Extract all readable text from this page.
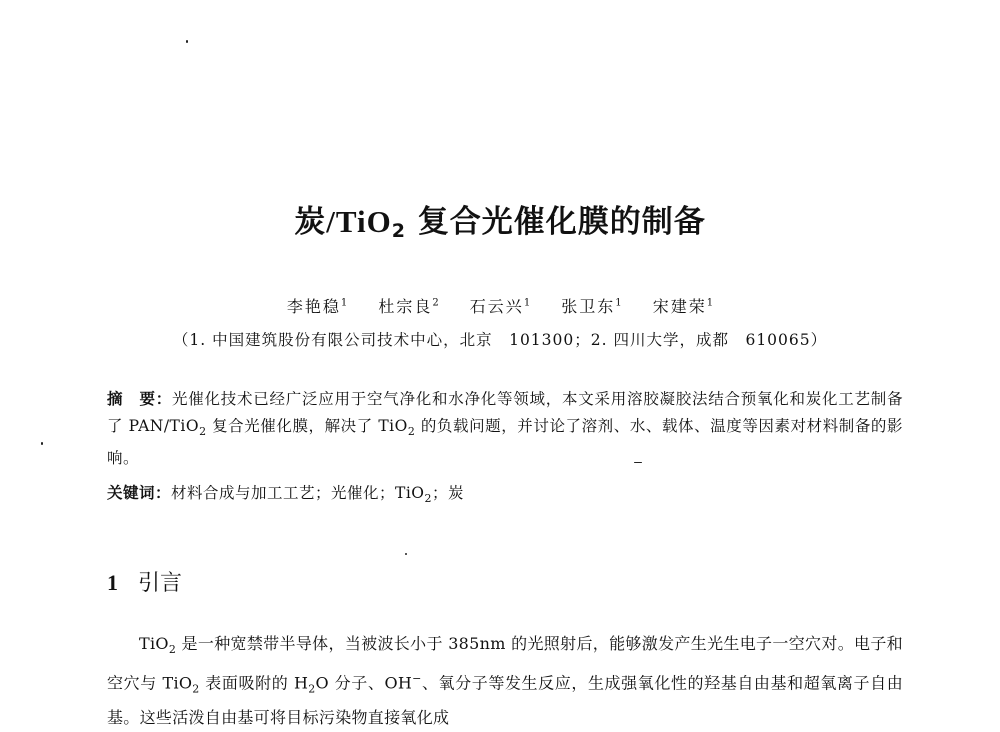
炭/TiO$_2$ 复合光催化膜的制备
李艳稳$^1$ 杜宗良$^2$ 石云兴$^1$ 张卫东$^1$ 宋建荣$^1$
（1. 中国建筑股份有限公司技术中心，北京　101300；2. 四川大学，成都　610065）
摘　要：光催化技术已经广泛应用于空气净化和水净化等领域，本文采用溶胶凝胶法结合预氧化和炭化工艺制备了 PAN/TiO$_2$ 复合光催化膜，解决了 TiO$_2$ 的负载问题，并讨论了溶剂、水、载体、温度等因素对材料制备的影响。
关键词：材料合成与加工工艺；光催化；TiO$_2$；炭
1 引言

TiO$_2$ 是一种宽禁带半导体，当被波长小于 385nm 的光照射后，能够激发产生光生电子一空穴对。电子和空穴与 TiO$_2$ 表面吸附的 $H_2O$ 分子、OH−、氧分子等发生反应，生成强氧化性的羟基自由基和超氧离子自由基。这些活泼自由基可将目标污染物直接氧化成
